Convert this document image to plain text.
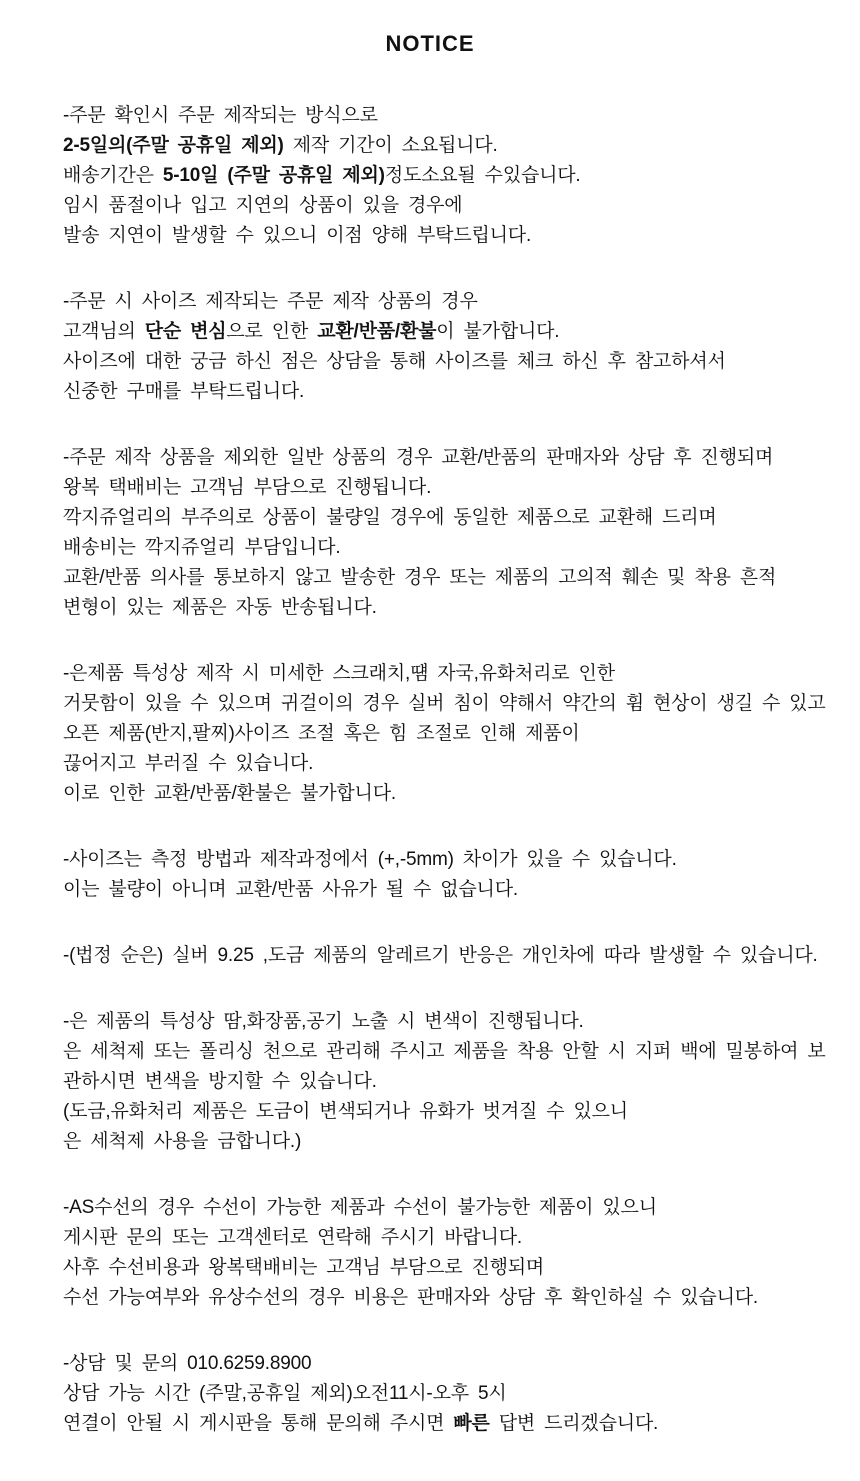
NOTICE
-주문 확인시 주문 제작되는 방식으로
2-5일의(주말 공휴일 제외) 제작 기간이 소요됩니다.
배송기간은 5-10일 (주말 공휴일 제외)정도소요될 수있습니다.
임시 품절이나 입고 지연의 상품이 있을 경우에
발송 지연이 발생할 수 있으니 이점 양해 부탁드립니다.
-주문 시 사이즈 제작되는 주문 제작 상품의 경우
고객님의 단순 변심으로 인한 교환/반품/환불이 불가합니다.
사이즈에 대한 궁금 하신 점은 상담을 통해 사이즈를 체크 하신 후 참고하셔서
신중한 구매를 부탁드립니다.
-주문 제작 상품을 제외한 일반 상품의 경우 교환/반품의 판매자와 상담 후 진행되며
왕복 택배비는 고객님 부담으로 진행됩니다.
깍지쥬얼리의 부주의로 상품이 불량일 경우에 동일한 제품으로 교환해 드리며
배송비는 깍지쥬얼리 부담입니다.
교환/반품 의사를 통보하지 않고 발송한 경우 또는 제품의 고의적 훼손 및 착용 흔적
변형이 있는 제품은 자동 반송됩니다.
-은제품 특성상 제작 시 미세한 스크래치,떔 자국,유화처리로 인한
거뭇함이 있을 수 있으며 귀걸이의 경우 실버 침이 약해서 약간의 휨 현상이 생길 수 있고
오픈 제품(반지,팔찌)사이즈 조절 혹은 힘 조절로 인해 제품이
끊어지고 부러질 수 있습니다.
이로 인한 교환/반품/환불은 불가합니다.
-사이즈는 측정 방법과 제작과정에서 (+,-5mm) 차이가 있을 수 있습니다.
이는 불량이 아니며 교환/반품 사유가 될 수 없습니다.
-(법정 순은) 실버 9.25 ,도금 제품의 알레르기 반응은 개인차에 따라 발생할 수 있습니다.
-은 제품의 특성상 땀,화장품,공기 노출 시 변색이 진행됩니다.
은 세척제 또는 폴리싱 천으로 관리해 주시고 제품을 착용 안할 시 지퍼 백에 밀봉하여 보
관하시면 변색을 방지할 수 있습니다.
(도금,유화처리 제품은 도금이 변색되거나 유화가 벗겨질 수 있으니
은 세척제 사용을 금합니다.)
-AS수선의 경우 수선이 가능한 제품과 수선이 불가능한 제품이 있으니
게시판 문의 또는 고객센터로 연락해 주시기 바랍니다.
사후 수선비용과 왕복택배비는 고객님 부담으로 진행되며
수선 가능여부와 유상수선의 경우 비용은 판매자와 상담 후 확인하실 수 있습니다.
-상담 및 문의 010.6259.8900
상담 가능 시간 (주말,공휴일 제외)오전11시-오후 5시
연결이 안될 시 게시판을 통해 문의해 주시면 빠른 답변 드리겠습니다.
